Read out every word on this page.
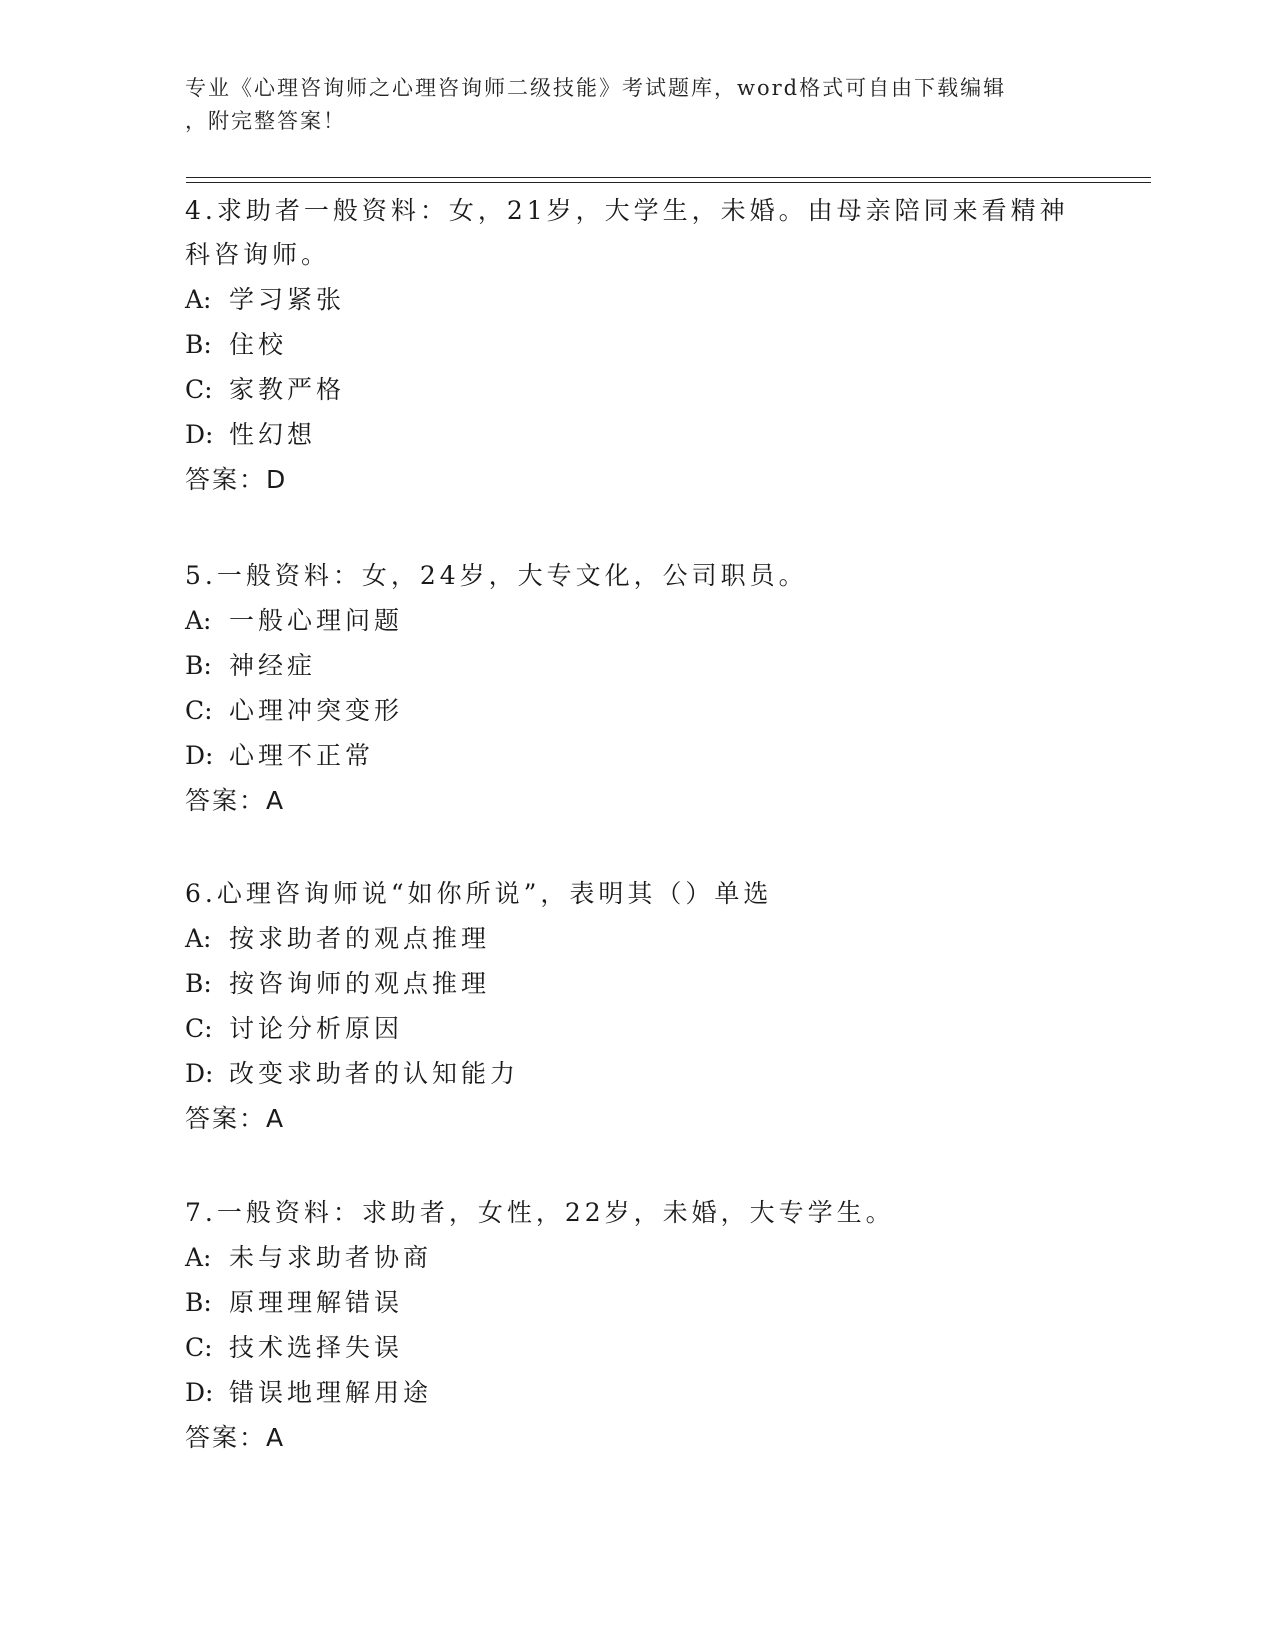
专业《心理咨询师之心理咨询师二级技能》考试题库，word格式可自由下载编辑
，附完整答案！
4.求助者一般资料：女，21岁，大学生，未婚。由母亲陪同来看精神科咨询师。
A: 学习紧张
B: 住校
C: 家教严格
D: 性幻想
答案：D
5.一般资料：女，24岁，大专文化，公司职员。
A: 一般心理问题
B: 神经症
C: 心理冲突变形
D: 心理不正常
答案：A
6.心理咨询师说“如你所说”，表明其（）单选
A: 按求助者的观点推理
B: 按咨询师的观点推理
C: 讨论分析原因
D: 改变求助者的认知能力
答案：A
7.一般资料：求助者，女性，22岁，未婚，大专学生。
A: 未与求助者协商
B: 原理理解错误
C: 技术选择失误
D: 错误地理解用途
答案：A
